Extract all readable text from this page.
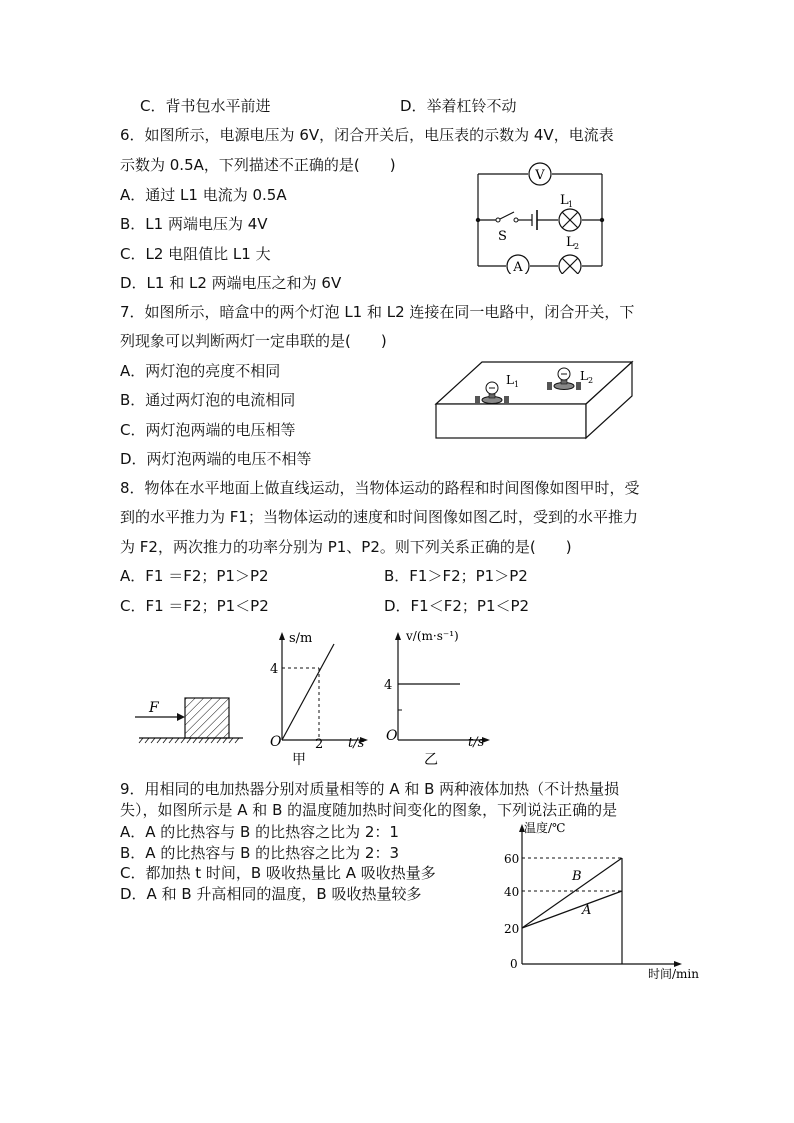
C．背书包水平前进	D．举着杠铃不动
6．如图所示，电源电压为 6V，闭合开关后，电压表的示数为 4V，电流表
示数为 0.5A，下列描述不正确的是(　　)
A．通过 L1 电流为 0.5A
B．L1 两端电压为 4V
C．L2 电阻值比 L1 大
D．L1 和 L2 两端电压之和为 6V
V
L 1
S
A
L 2
7．如图所示，暗盒中的两个灯泡 L1 和 L2 连接在同一电路中，闭合开关，下
列现象可以判断两灯一定串联的是(　　)
A．两灯泡的亮度不相同
B．通过两灯泡的电流相同
C．两灯泡两端的电压相等
D．两灯泡两端的电压不相等
L 1
L 2
8．物体在水平地面上做直线运动，当物体运动的路程和时间图像如图甲时，受
到的水平推力为 F1；当物体运动的速度和时间图像如图乙时，受到的水平推力
为 F2，两次推力的功率分别为 P1、P2。则下列关系正确的是(　　)
A．F1 ＝F2；P1＞P2	B．F1＞F2；P1＞P2
C．F1 ＝F2；P1＜P2	D．F1＜F2；P1＜P2
F
s/m
4
O	2 t/s
甲
v/(m·s⁻¹)
4
O	t/s
乙
9．用相同的电加热器分别对质量相等的 A 和 B 两种液体加热（不计热量损
失），如图所示是 A 和 B 的温度随加热时间变化的图象，下列说法正确的是
A．A 的比热容与 B 的比热容之比为 2：1
B．A 的比热容与 B 的比热容之比为 2：3
C．都加热 t 时间，B 吸收热量比 A 吸收热量多
D．A 和 B 升高相同的温度，B 吸收热量较多
温度/℃
60
40
20
0
时间/min
B
A
